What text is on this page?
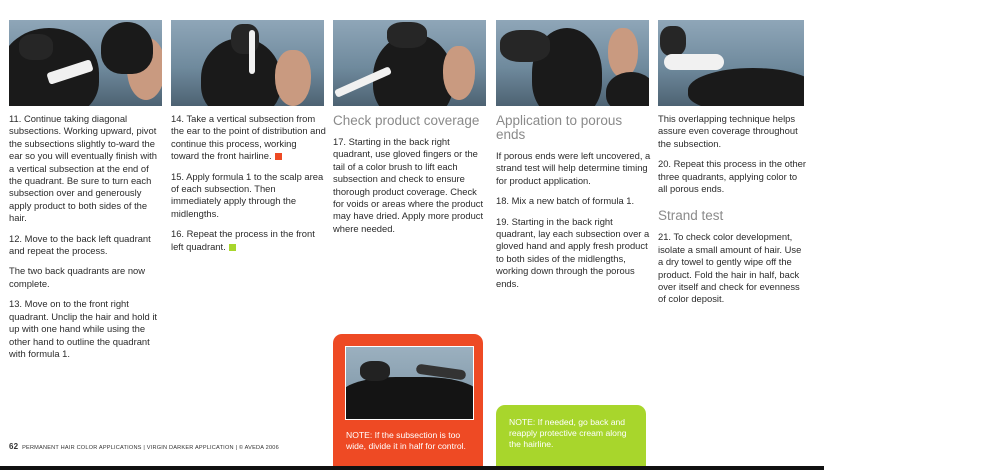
11. Continue taking diagonal subsections. Working upward, pivot the subsections slightly to-ward the ear so you will eventually finish with a vertical subsection at the end of the quadrant. Be sure to turn each subsection over and generously apply product to both sides of the hair.

12. Move to the back left quadrant and repeat the process.

The two back quadrants are now complete.

13. Move on to the front right quadrant. Unclip the hair and hold it up with one hand while using the other hand to outline the quadrant with formula 1.

14. Take a vertical subsection from the ear to the point of distribution and continue this process, working toward the front hairline.

15. Apply formula 1 to the scalp area of each subsection. Then immediately apply through the midlengths.

16. Repeat the process in the front left quadrant.

Check product coverage

17. Starting in the back right quadrant, use gloved fingers or the tail of a color brush to lift each subsection and check to ensure thorough product coverage. Check for voids or areas where the product may have dried. Apply more product where needed.

Application to porous ends

If porous ends were left uncovered, a strand test will help determine timing for product application.

18. Mix a new batch of formula 1.

19. Starting in the back right quadrant, lay each subsection over a gloved hand and apply fresh product to both sides of the midlengths, working down through the porous ends.

This overlapping technique helps assure even coverage throughout the subsection.

20. Repeat this process in the other three quadrants, applying color to all porous ends.

Strand test

21. To check color development, isolate a small amount of hair. Use a dry towel to gently wipe off the product. Fold the hair in half, back over itself and check for evenness of color deposit.

NOTE: If the subsection is too wide, divide it in half for control.
NOTE: If needed, go back and reapply protective cream along the hairline.
62 PERMANENT HAIR COLOR APPLICATIONS | VIRGIN DARKER APPLICATION | © AVEDA 2006
